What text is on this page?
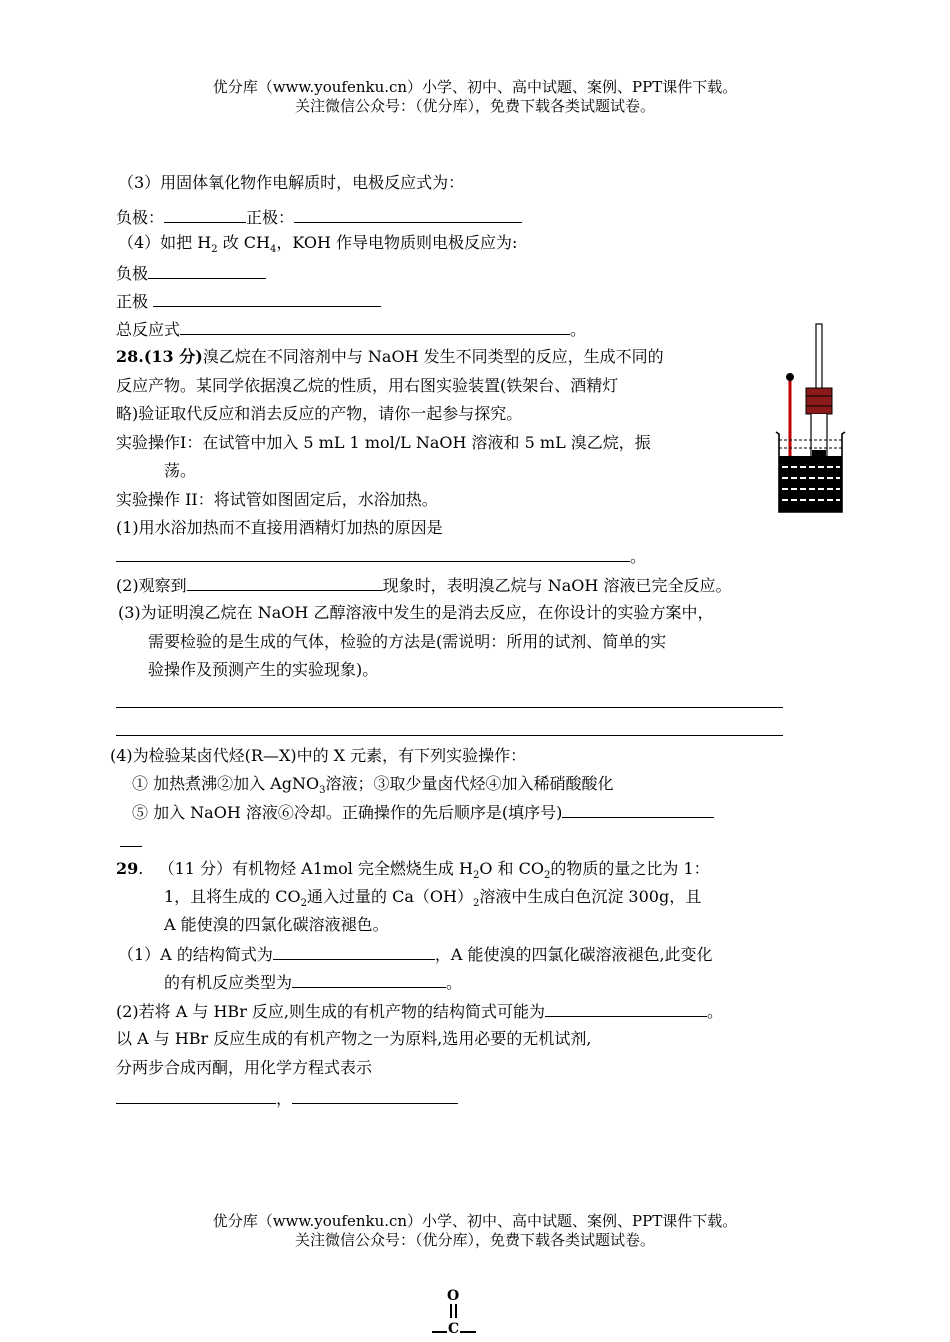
优分库（www.youfenku.cn）小学、初中、高中试题、案例、PPT课件下载。
关注微信公众号：（优分库），免费下载各类试题试卷。
（3）用固体氧化物作电解质时，电极反应式为：
负极：	正极：
（4）如把 $H_2$ 改 $CH_4$，KOH 作导电物质则电极反应为:
负极
正极
总反应式	。
28.(13 分)溴乙烷在不同溶剂中与 NaOH 发生不同类型的反应，生成不同的
反应产物。某同学依据溴乙烷的性质，用右图实验装置(铁架台、酒精灯
略)验证取代反应和消去反应的产物，请你一起参与探究。
实验操作Ⅰ：在试管中加入 5 mL 1 mol/L NaOH 溶液和 5 mL 溴乙烷，振
荡。
实验操作 II：将试管如图固定后，水浴加热。
(1)用水浴加热而不直接用酒精灯加热的原因是
。
(2)观察到	现象时，表明溴乙烷与 NaOH 溶液已完全反应。
(3)为证明溴乙烷在 NaOH 乙醇溶液中发生的是消去反应，在你设计的实验方案中，
需要检验的是生成的气体，检验的方法是(需说明：所用的试剂、简单的实
验操作及预测产生的实验现象)。
(4)为检验某卤代烃(R—X)中的 X 元素，有下列实验操作：
① 加热煮沸②加入 AgNO$_3$溶液；③取少量卤代烃④加入稀硝酸酸化
⑤ 加入 NaOH 溶液⑥冷却。正确操作的先后顺序是(填序号)
29. （11 分）有机物烃 A1mol 完全燃烧生成 $H_2O$ 和 $CO_2$的物质的量之比为 1：
1，且将生成的 $CO_2$通入过量的 $Ca(OH)_2$溶液中生成白色沉淀 300g，且
A 能使溴的四氯化碳溶液褪色。
（1）A 的结构简式为	，A 能使溴的四氯化碳溶液褪色,此变化
的有机反应类型为	。
(2)若将 A 与 HBr 反应,则生成的有机产物的结构简式可能为	。
以 A 与 HBr 反应生成的有机产物之一为原料,选用必要的无机试剂,
分两步合成丙酮，用化学方程式表示
，
优分库（www.youfenku.cn）小学、初中、高中试题、案例、PPT课件下载。
关注微信公众号：（优分库），免费下载各类试题试卷。
O
C
